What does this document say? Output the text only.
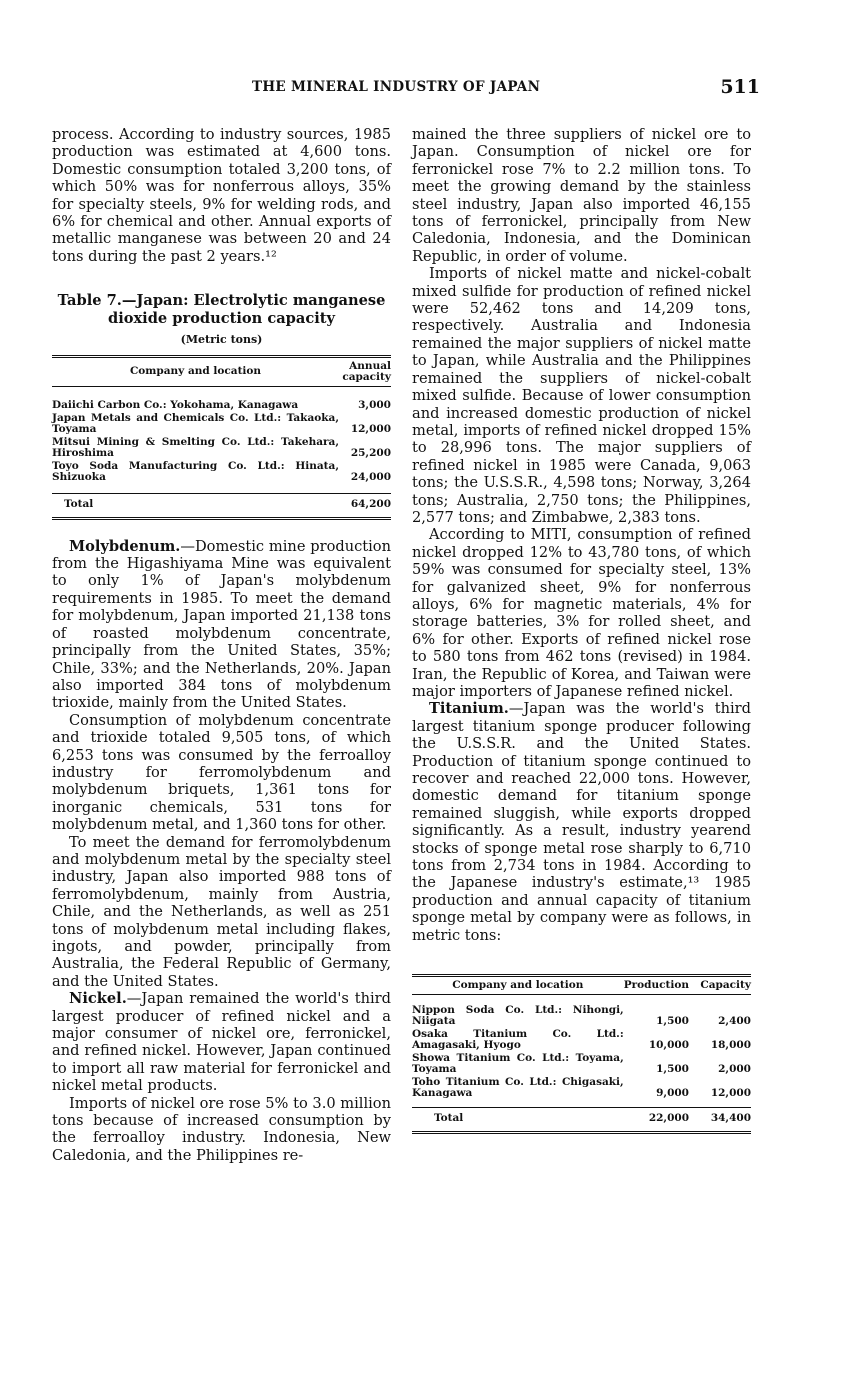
THE MINERAL INDUSTRY OF JAPAN	511

process. According to industry sources, 1985 production was estimated at 4,600 tons. Domestic consumption totaled 3,200 tons, of which 50% was for nonferrous alloys, 35% for specialty steels, 9% for welding rods, and 6% for chemical and other. Annual exports of metallic manganese was between 20 and 24 tons during the past 2 years.¹²

Table 7.—Japan: Electrolytic manganese
dioxide production capacity
(Metric tons)
Company and location	Annual capacity
Daiichi Carbon Co.: Yokohama, Kanagawa	3,000
Japan Metals and Chemicals Co. Ltd.: Takaoka, Toyama	12,000
Mitsui Mining & Smelting Co. Ltd.: Takehara, Hiroshima	25,200
Toyo Soda Manufacturing Co. Ltd.: Hinata, Shizuoka	24,000
Total	64,200

Molybdenum.—Domestic mine production from the Higashiyama Mine was equivalent to only 1% of Japan's molybdenum requirements in 1985. To meet the demand for molybdenum, Japan imported 21,138 tons of roasted molybdenum concentrate, principally from the United States, 35%; Chile, 33%; and the Netherlands, 20%. Japan also imported 384 tons of molybdenum trioxide, mainly from the United States.

Consumption of molybdenum concentrate and trioxide totaled 9,505 tons, of which 6,253 tons was consumed by the ferroalloy industry for ferromolybdenum and molybdenum briquets, 1,361 tons for inorganic chemicals, 531 tons for molybdenum metal, and 1,360 tons for other.

To meet the demand for ferromolybdenum and molybdenum metal by the specialty steel industry, Japan also imported 988 tons of ferromolybdenum, mainly from Austria, Chile, and the Netherlands, as well as 251 tons of molybdenum metal including flakes, ingots, and powder, principally from Australia, the Federal Republic of Germany, and the United States.

Nickel.—Japan remained the world's third largest producer of refined nickel and a major consumer of nickel ore, ferronickel, and refined nickel. However, Japan continued to import all raw material for ferronickel and nickel metal products.

Imports of nickel ore rose 5% to 3.0 million tons because of increased consumption by the ferroalloy industry. Indonesia, New Caledonia, and the Philippines re-

mained the three suppliers of nickel ore to Japan. Consumption of nickel ore for ferronickel rose 7% to 2.2 million tons. To meet the growing demand by the stainless steel industry, Japan also imported 46,155 tons of ferronickel, principally from New Caledonia, Indonesia, and the Dominican Republic, in order of volume.

Imports of nickel matte and nickel-cobalt mixed sulfide for production of refined nickel were 52,462 tons and 14,209 tons, respectively. Australia and Indonesia remained the major suppliers of nickel matte to Japan, while Australia and the Philippines remained the suppliers of nickel-cobalt mixed sulfide. Because of lower consumption and increased domestic production of nickel metal, imports of refined nickel dropped 15% to 28,996 tons. The major suppliers of refined nickel in 1985 were Canada, 9,063 tons; the U.S.S.R., 4,598 tons; Norway, 3,264 tons; Australia, 2,750 tons; the Philippines, 2,577 tons; and Zimbabwe, 2,383 tons.

According to MITI, consumption of refined nickel dropped 12% to 43,780 tons, of which 59% was consumed for specialty steel, 13% for galvanized sheet, 9% for nonferrous alloys, 6% for magnetic materials, 4% for storage batteries, 3% for rolled sheet, and 6% for other. Exports of refined nickel rose to 580 tons from 462 tons (revised) in 1984. Iran, the Republic of Korea, and Taiwan were major importers of Japanese refined nickel.

Titanium.—Japan was the world's third largest titanium sponge producer following the U.S.S.R. and the United States. Production of titanium sponge continued to recover and reached 22,000 tons. However, domestic demand for titanium sponge remained sluggish, while exports dropped significantly. As a result, industry yearend stocks of sponge metal rose sharply to 6,710 tons from 2,734 tons in 1984. According to the Japanese industry's estimate,¹³ 1985 production and annual capacity of titanium sponge metal by company were as follows, in metric tons:

Company and location	Production	Capacity
Nippon Soda Co. Ltd.: Nihongi, Niigata	1,500	2,400
Osaka Titanium Co. Ltd.: Amagasaki, Hyogo	10,000	18,000
Showa Titanium Co. Ltd.: Toyama, Toyama	1,500	2,000
Toho Titanium Co. Ltd.: Chigasaki, Kanagawa	9,000	12,000
Total	22,000	34,400
